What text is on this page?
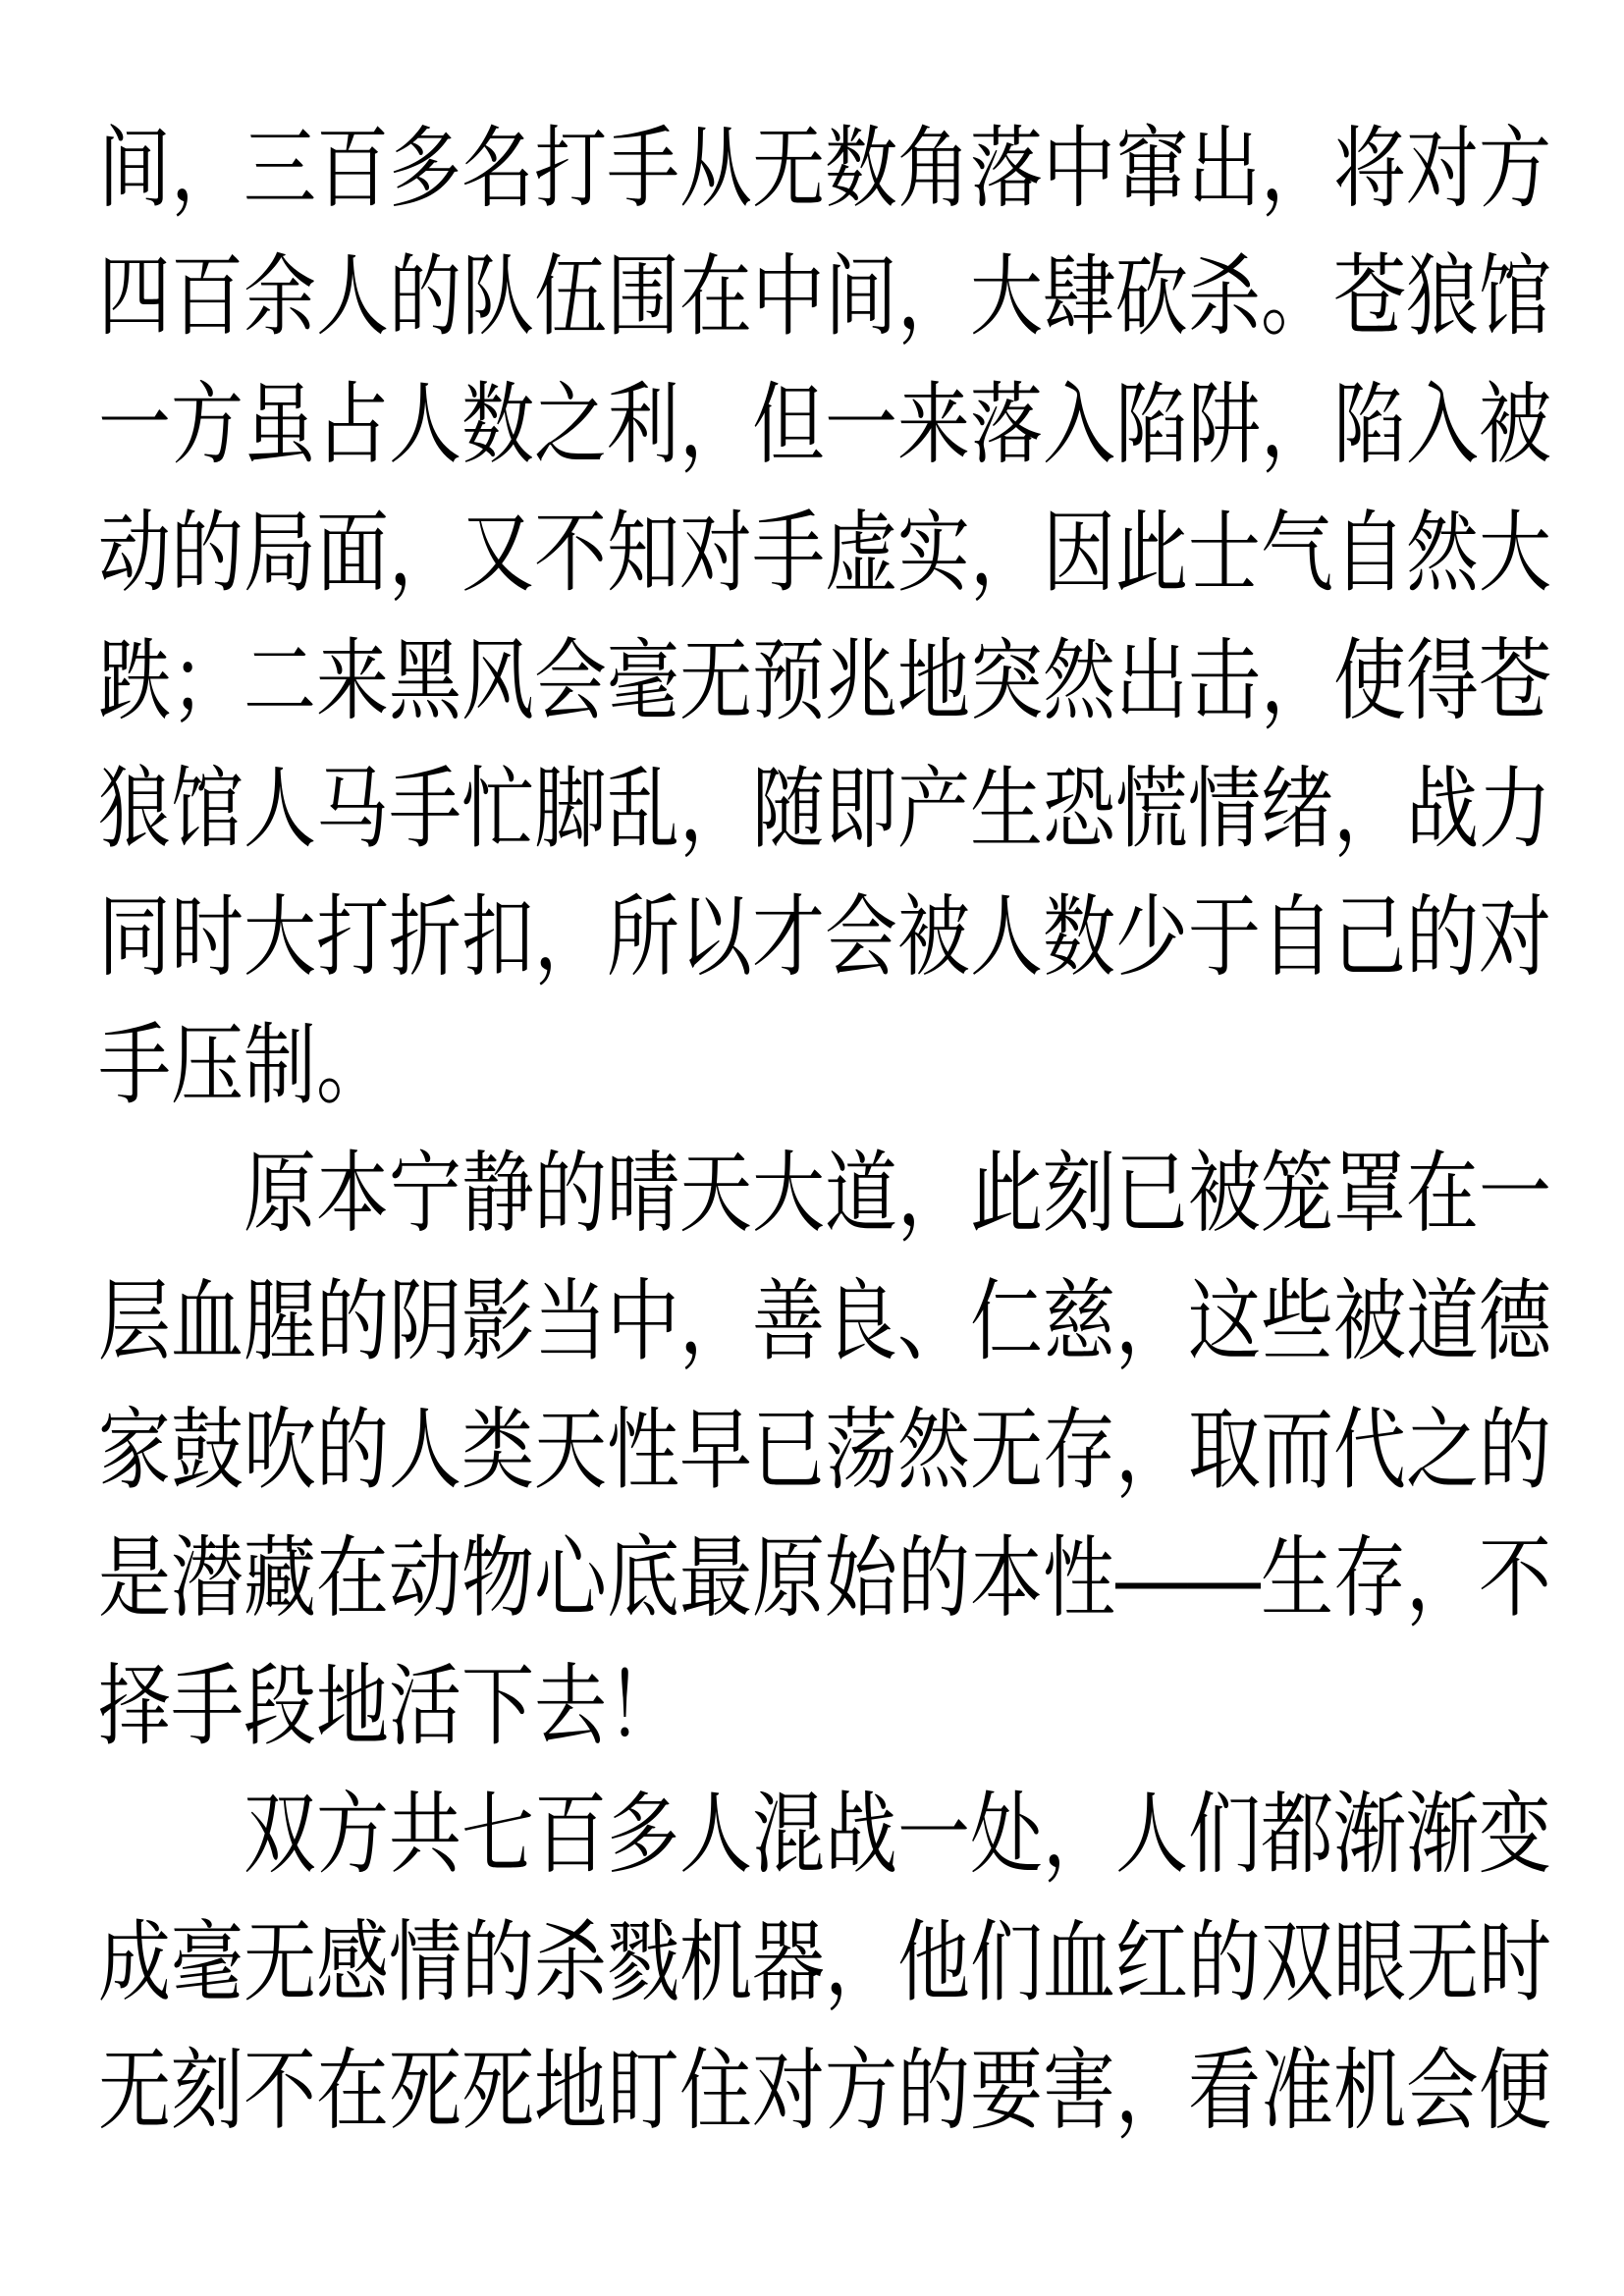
间，三百多名打手从无数角落中窜出，将对方
四百余人的队伍围在中间，大肆砍杀。苍狼馆
一方虽占人数之利，但一来落入陷阱，陷入被
动的局面，又不知对手虚实，因此士气自然大
跌；二来黑风会毫无预兆地突然出击，使得苍
狼馆人马手忙脚乱，随即产生恐慌情绪，战力
同时大打折扣，所以才会被人数少于自己的对
手压制。
原本宁静的晴天大道，此刻已被笼罩在一
层血腥的阴影当中，善良、仁慈，这些被道德
家鼓吹的人类天性早已荡然无存，取而代之的
是潜藏在动物心底最原始的本性——生存，不
择手段地活下去！
双方共七百多人混战一处，人们都渐渐变
成毫无感情的杀戮机器，他们血红的双眼无时
无刻不在死死地盯住对方的要害，看准机会便
